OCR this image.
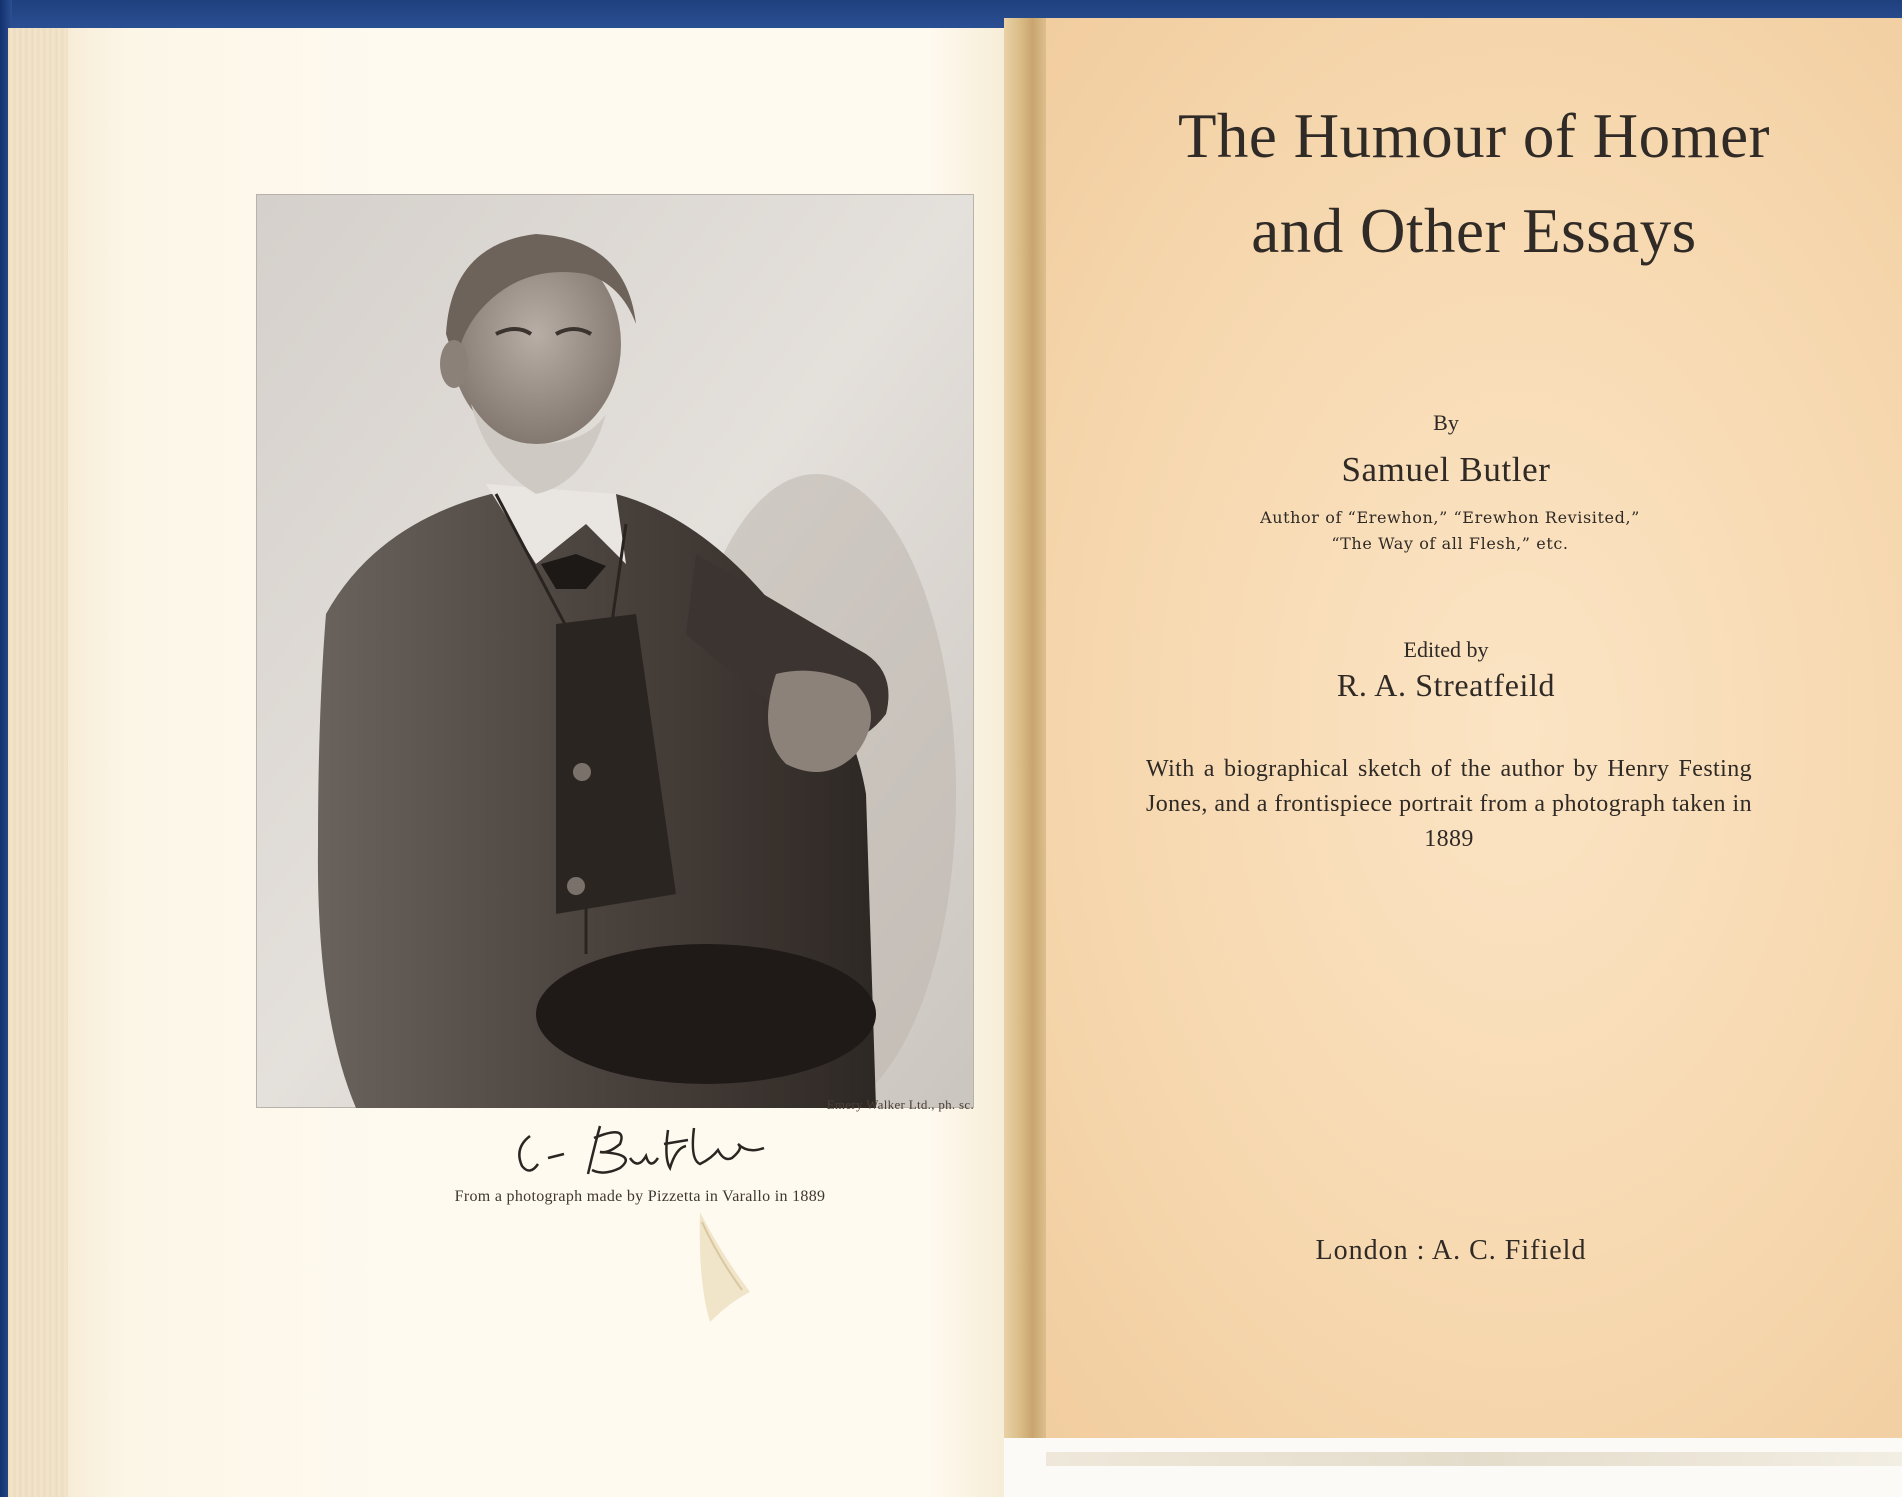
Emery Walker Ltd., ph. sc.
From a photograph made by Pizzetta in Varallo in 1889
The Humour of Homer
and Other Essays
By
Samuel Butler
Author of “Erewhon,” “Erewhon Revisited,”
“The Way of all Flesh,” etc.
Edited by
R. A. Streatfeild
With a biographical sketch of the author by Henry Festing Jones, and a frontispiece portrait from a photograph taken in 1889
London : A. C. Fifield
